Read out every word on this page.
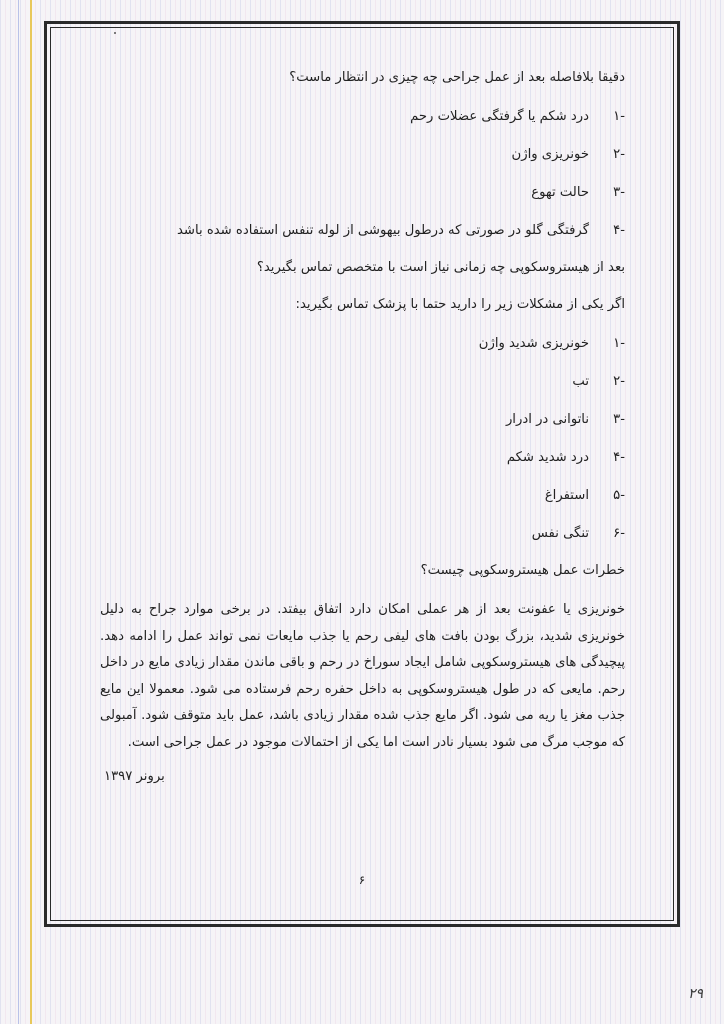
دقیقا بلافاصله بعد از عمل جراحی چه چیزی در انتظار ماست؟
-۱
درد شکم یا گرفتگی عضلات رحم
-۲
خونریزی واژن
-۳
حالت تهوع
-۴
گرفتگی گلو در صورتی که درطول بیهوشی از لوله تنفس استفاده شده باشد
بعد از هیستروسکوپی چه زمانی نیاز است با متخصص تماس بگیرید؟
اگر یکی از مشکلات زیر را دارید حتما با پزشک تماس بگیرید:
-۱
خونریزی شدید واژن
-۲
تب
-۳
ناتوانی در ادرار
-۴
درد شدید شکم
-۵
استفراغ
-۶
تنگی نفس
خطرات عمل هیستروسکوپی چیست؟
خونریزی یا عفونت بعد از هر عملی امکان دارد اتفاق بیفتد. در برخی موارد جراح به دلیل خونریزی شدید، بزرگ بودن بافت های لیفی رحم یا جذب مایعات نمی تواند عمل را ادامه دهد. پیچیدگی های هیستروسکوپی شامل ایجاد سوراخ در رحم و باقی ماندن مقدار زیادی مایع در داخل رحم. مایعی که در طول هیستروسکوپی به داخل حفره رحم فرستاده می شود. معمولا این مایع جذب مغز یا ریه می شود. اگر مایع جذب شده مقدار زیادی باشد، عمل باید متوقف شود. آمبولی که موجب مرگ می شود بسیار نادر است اما یکی از احتمالات موجود در عمل جراحی است.
برونر ۱۳۹۷
۶
۲۹
